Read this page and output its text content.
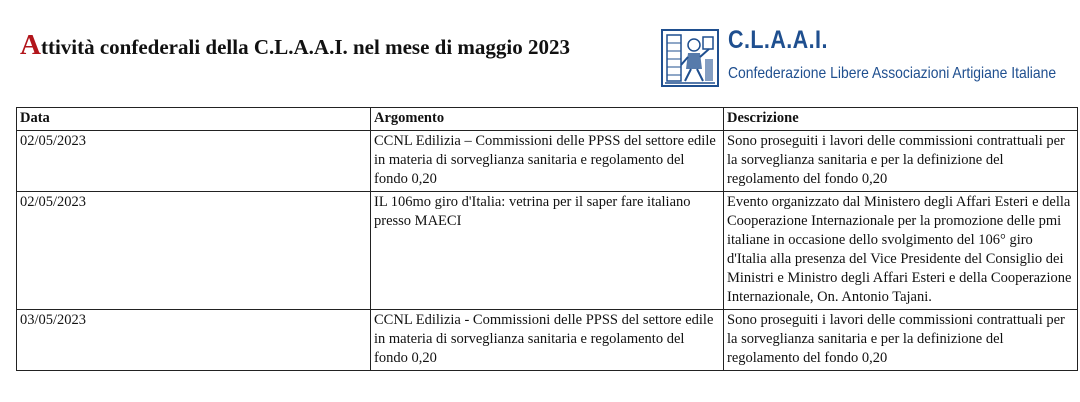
Attività confederali della C.L.A.A.I. nel mese di maggio 2023	C.L.A.A.I.
Confederazione Libere Associazioni Artigiane Italiane
Data	Argomento	Descrizione
02/05/2023	CCNL Edilizia – Commissioni delle PPSS del settore edile in materia di sorveglianza sanitaria e regolamento del fondo 0,20	Sono proseguiti i lavori delle commissioni contrattuali per la sorveglianza sanitaria e per la definizione del regolamento del fondo 0,20
02/05/2023	IL 106mo giro d'Italia: vetrina per il saper fare italiano presso MAECI	Evento organizzato dal Ministero degli Affari Esteri e della Cooperazione Internazionale per la promozione delle pmi italiane in occasione dello svolgimento del 106° giro d'Italia alla presenza del Vice Presidente del Consiglio dei Ministri e Ministro degli Affari Esteri e della Cooperazione Internazionale, On. Antonio Tajani.
03/05/2023	CCNL Edilizia - Commissioni delle PPSS del settore edile in materia di sorveglianza sanitaria e regolamento del fondo 0,20	Sono proseguiti i lavori delle commissioni contrattuali per la sorveglianza sanitaria e per la definizione del regolamento del fondo 0,20
